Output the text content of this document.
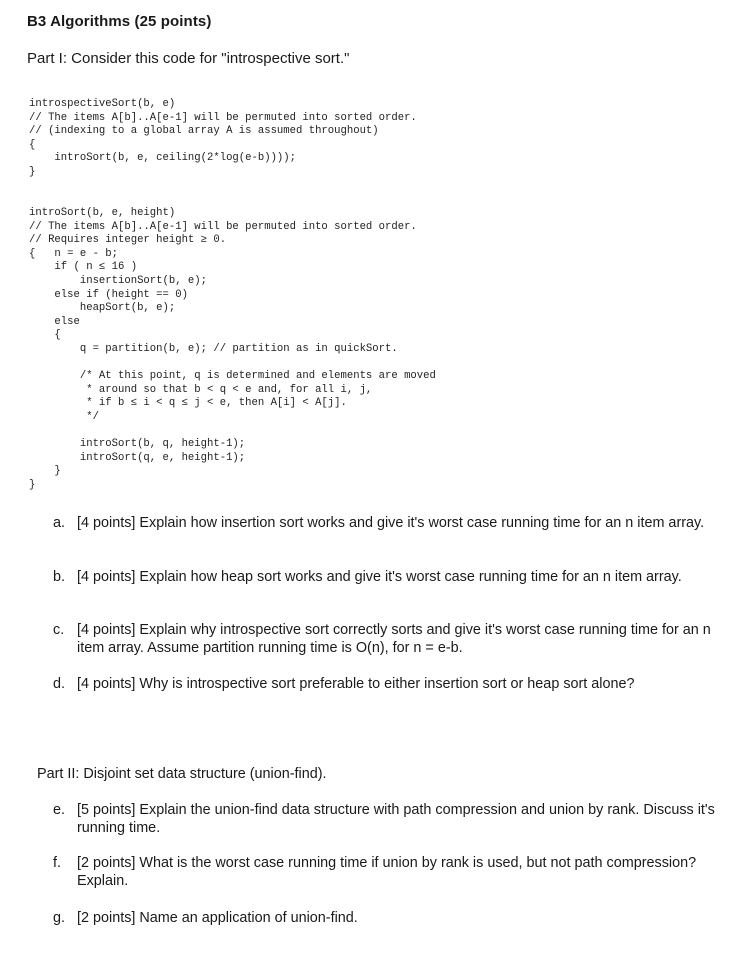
B3 Algorithms (25 points)
Part I: Consider this code for "introspective sort."
introspectiveSort(b, e)
// The items A[b]..A[e-1] will be permuted into sorted order.
// (indexing to a global array A is assumed throughout)
{
introSort(b, e, ceiling(2*log(e-b))));
}
introSort(b, e, height)
// The items A[b]..A[e-1] will be permuted into sorted order.
// Requires integer height ≥ 0.
{   n = e - b;
if ( n ≤ 16 )
insertionSort(b, e);
else if (height == 0)
heapSort(b, e);
else
{
q = partition(b, e); // partition as in quickSort.

/* At this point, q is determined and elements are moved
* around so that b < q < e and, for all i, j,
* if b ≤ i < q ≤ j < e, then A[i] < A[j].
*/

introSort(b, q, height-1);
introSort(q, e, height-1);
}
}
a. [4 points] Explain how insertion sort works and give it's worst case running time for an n item array.
b. [4 points] Explain how heap sort works and give it's worst case running time for an n item array.
c. [4 points] Explain why introspective sort correctly sorts and give it's worst case running time for an n item array. Assume partition running time is O(n), for n = e-b.
d. [4 points] Why is introspective sort preferable to either insertion sort or heap sort alone?
Part II: Disjoint set data structure (union-find).
e. [5 points] Explain the union-find data structure with path compression and union by rank. Discuss it's running time.
f.	[2 points] What is the worst case running time if union by rank is used, but not path compression? Explain.
g. [2 points] Name an application of union-find.
